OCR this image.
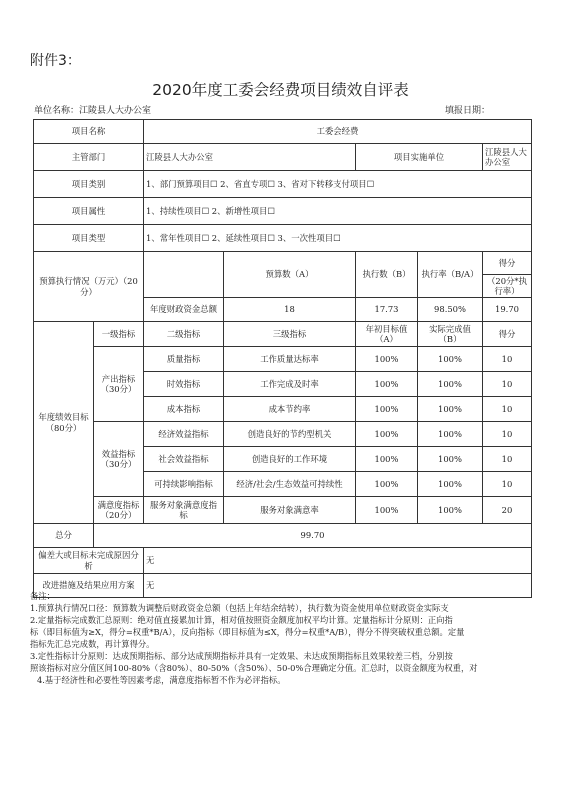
附件3：
2020年度工委会经费项目绩效自评表
单位名称：江陵县人大办公室	填报日期：
项目名称		工委会经费				
主管部门		江陵县人大办公室		项目实施单位		江陵县人大办公室
项目类别		1、部门预算项目☐ 2、省直专项☐ 3、省对下转移支付项目☐				
项目属性		1、持续性项目☐ 2、新增性项目☐				
项目类型		1、常年性项目☐ 2、延续性项目☐ 3、一次性项目☐				
预算执行情况（万元）（20分）			预算数（A）	执行数（B）	执行率（B/A）	得分
						（20分*执行率）
		年度财政资金总额	18	17.73	98.50%	19.70
年度绩效目标（80分）	一级指标	二级指标	三级指标	年初目标值（A）	实际完成值（B）	得分
	产出指标（30分）	质量指标	工作质量达标率	100%	100%	10
		时效指标	工作完成及时率	100%	100%	10
		成本指标	成本节约率	100%	100%	10
	效益指标（30分）	经济效益指标	创造良好的节约型机关	100%	100%	10
		社会效益指标	创造良好的工作环境	100%	100%	10
		可持续影响指标	经济/社会/生态效益可持续性	100%	100%	10
	满意度指标（20分）	服务对象满意度指标	服务对象满意率	100%	100%	20
总分	99.70					
偏差大或目标未完成原因分析		无				
改进措施及结果应用方案		无				

备注：

1.预算执行情况口径：预算数为调整后财政资金总额（包括上年结余结转），执行数为资金使用单位财政资金实际支

2.定量指标完成数汇总原则：绝对值直接累加计算，相对值按照资金额度加权平均计算。定量指标计分原则：正向指

标（即目标值为≥X，得分=权重*B/A），反向指标（即目标值为≤X，得分=权重*A/B），得分不得突破权重总额。定量

指标先汇总完成数，再计算得分。

3.定性指标计分原则：达成预期指标、部分达成预期指标并具有一定效果、未达成预期指标且效果较差三档，分别按

照该指标对应分值区间100-80%（含80%）、80-50%（含50%）、50-0%合理确定分值。汇总时，以资金额度为权重，对

4.基于经济性和必要性等因素考虑，满意度指标暂不作为必评指标。
